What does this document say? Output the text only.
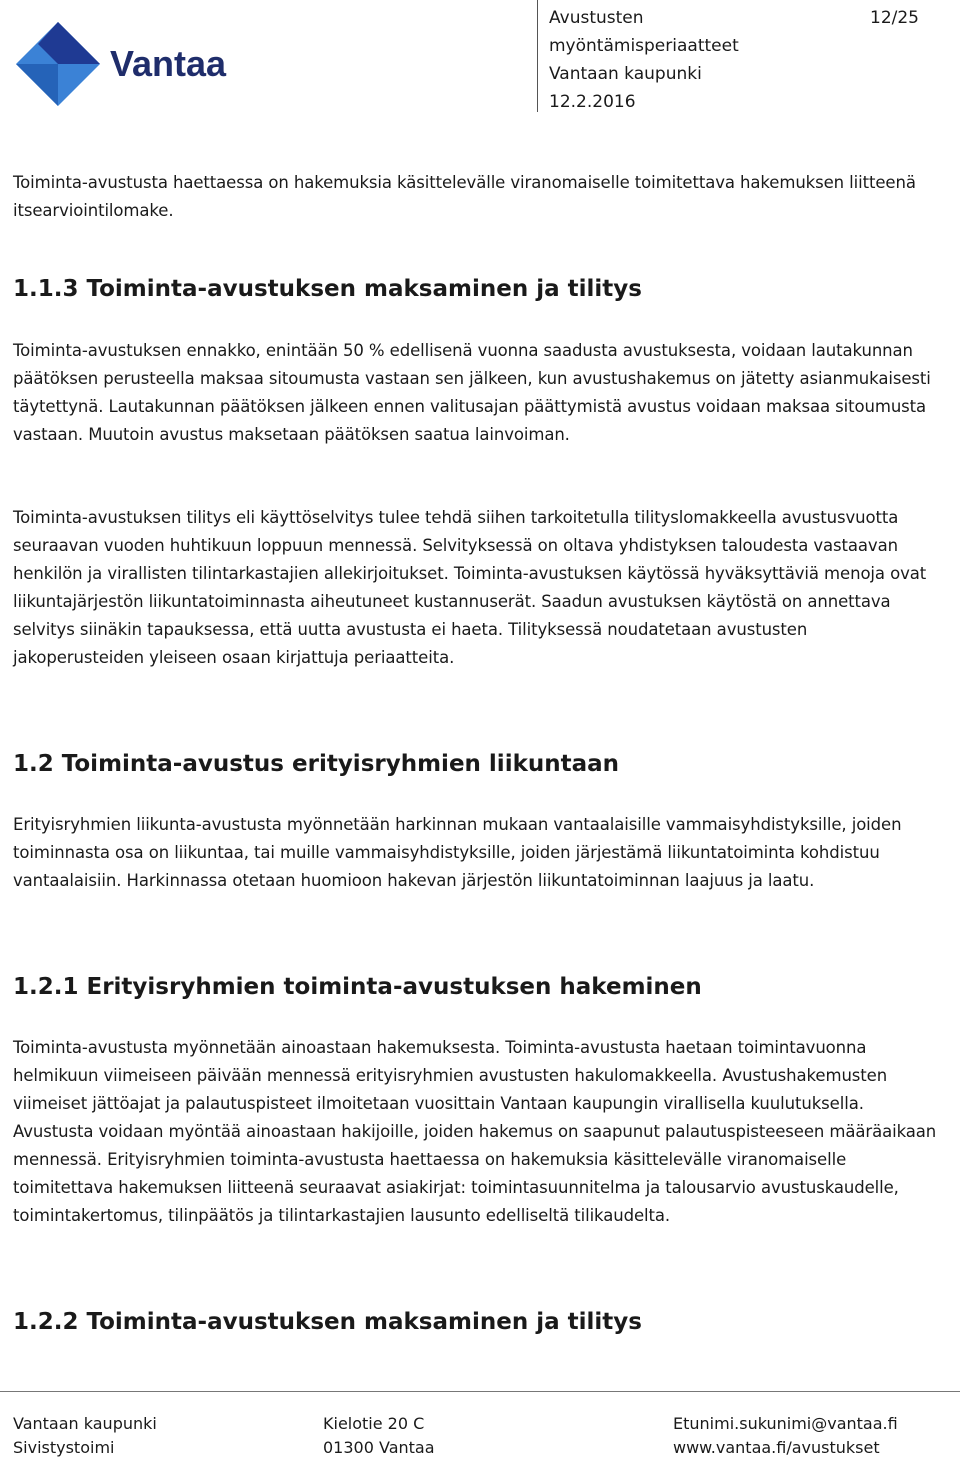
Vantaa
Avustusten
myöntämisperiaatteet
Vantaan kaupunki
12.2.2016
12/25

Toiminta-avustusta haettaessa on hakemuksia käsittelevälle viranomaiselle toimitettava hakemuksen liitteenä itsearviointilomake.

1.1.3 Toiminta-avustuksen maksaminen ja tilitys

Toiminta-avustuksen ennakko, enintään 50 % edellisenä vuonna saadusta avustuksesta, voidaan lautakunnan päätöksen perusteella maksaa sitoumusta vastaan sen jälkeen, kun avustushakemus on jätetty asianmukaisesti täytettynä. Lautakunnan päätöksen jälkeen ennen valitusajan päättymistä avustus voidaan maksaa sitoumusta vastaan. Muutoin avustus maksetaan päätöksen saatua lainvoiman.

Toiminta-avustuksen tilitys eli käyttöselvitys tulee tehdä siihen tarkoitetulla tilityslomakkeella avustusvuotta seuraavan vuoden huhtikuun loppuun mennessä. Selvityksessä on oltava yhdistyksen taloudesta vastaavan henkilön ja virallisten tilintarkastajien allekirjoitukset. Toiminta-avustuksen käytössä hyväksyttäviä menoja ovat liikuntajärjestön liikuntatoiminnasta aiheutuneet kustannuserät. Saadun avustuksen käytöstä on annettava selvitys siinäkin tapauksessa, että uutta avustusta ei haeta. Tilityksessä noudatetaan avustusten jakoperusteiden yleiseen osaan kirjattuja periaatteita.

1.2 Toiminta-avustus erityisryhmien liikuntaan

Erityisryhmien liikunta-avustusta myönnetään harkinnan mukaan vantaalaisille vammaisyhdistyksille, joiden toiminnasta osa on liikuntaa, tai muille vammaisyhdistyksille, joiden järjestämä liikuntatoiminta kohdistuu vantaalaisiin. Harkinnassa otetaan huomioon hakevan järjestön liikuntatoiminnan laajuus ja laatu.

1.2.1 Erityisryhmien toiminta-avustuksen hakeminen

Toiminta-avustusta myönnetään ainoastaan hakemuksesta. Toiminta-avustusta haetaan toimintavuonna helmikuun viimeiseen päivään mennessä erityisryhmien avustusten hakulomakkeella. Avustushakemusten viimeiset jättöajat ja palautuspisteet ilmoitetaan vuosittain Vantaan kaupungin virallisella kuulutuksella. Avustusta voidaan myöntää ainoastaan hakijoille, joiden hakemus on saapunut palautuspisteeseen määräaikaan mennessä. Erityisryhmien toiminta-avustusta haettaessa on hakemuksia käsittelevälle viranomaiselle toimitettava hakemuksen liitteenä seuraavat asiakirjat: toimintasuunnitelma ja talousarvio avustuskaudelle, toimintakertomus, tilinpäätös ja tilintarkastajien lausunto edelliseltä tilikaudelta.

1.2.2 Toiminta-avustuksen maksaminen ja tilitys
Vantaan kaupunki
Sivistystoimi
Kielotie 20 C
01300 Vantaa
Etunimi.sukunimi@vantaa.fi
www.vantaa.fi/avustukset
